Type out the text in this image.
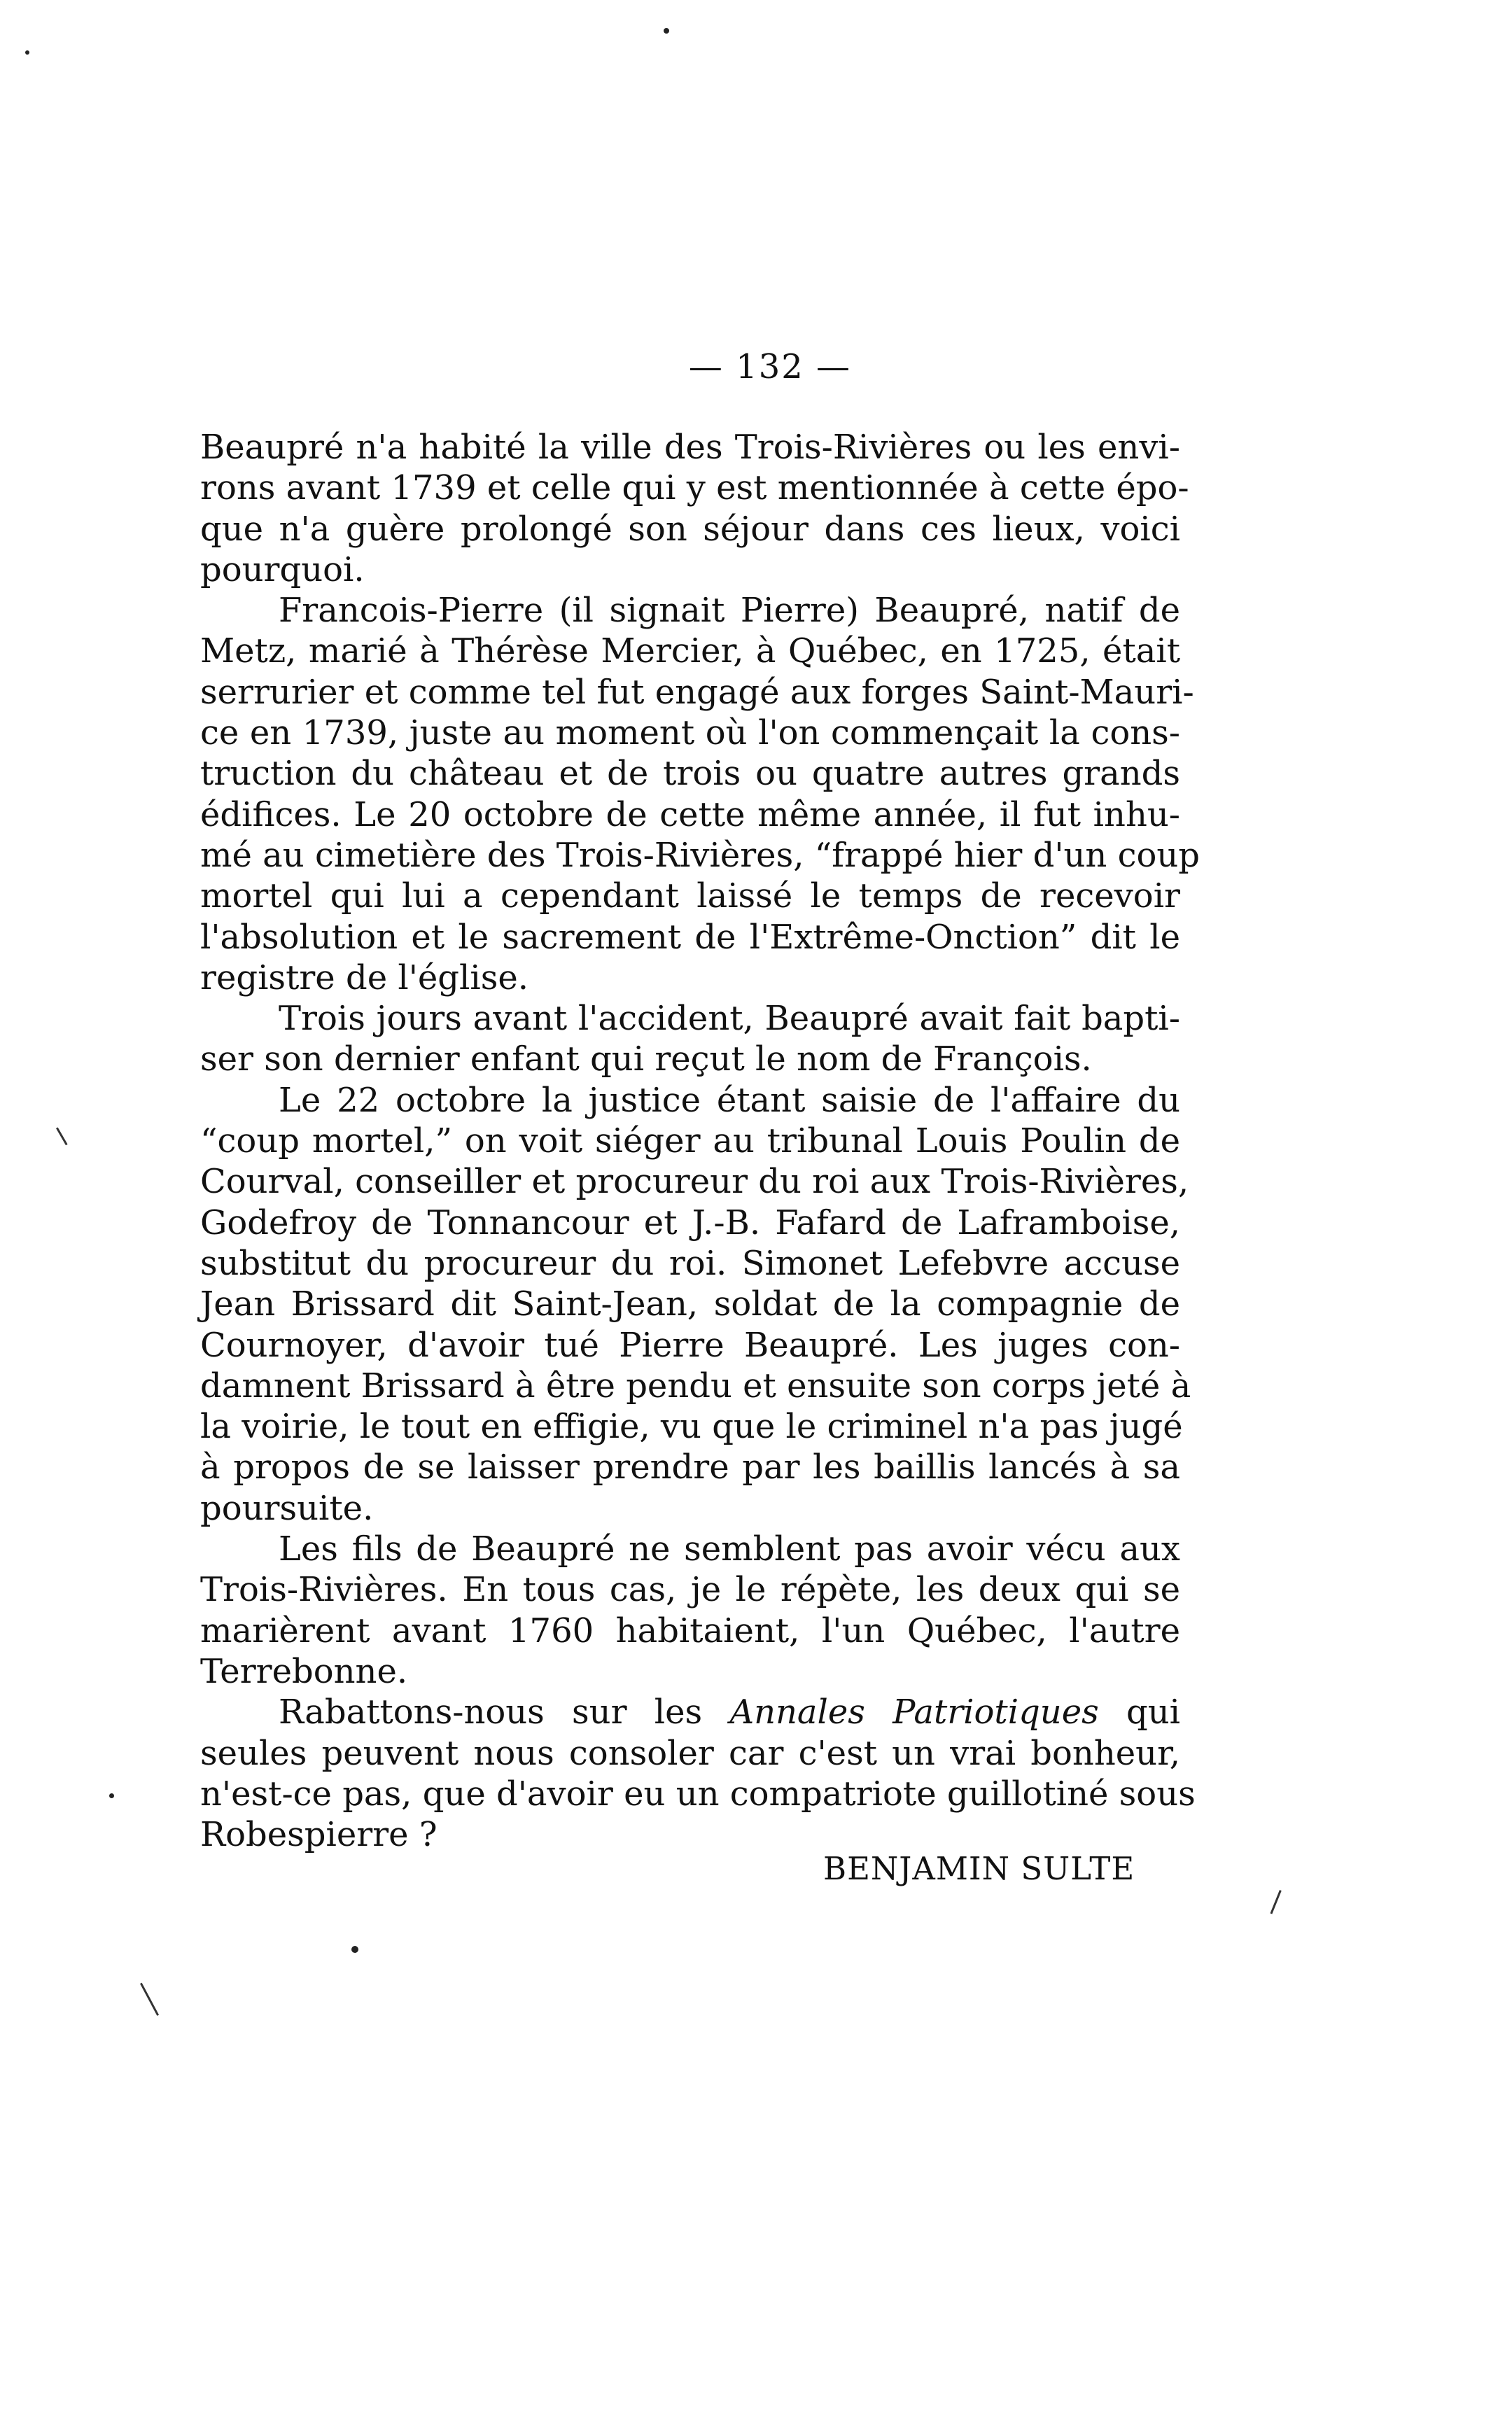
— 132 —
Beaupré n'a habité la ville des Trois-Rivières ou les envi-
rons avant 1739 et celle qui y est mentionnée à cette épo-
que n'a guère prolongé son séjour dans ces lieux, voici
pourquoi.
Francois-Pierre (il signait Pierre) Beaupré, natif de
Metz, marié à Thérèse Mercier, à Québec, en 1725, était
serrurier et comme tel fut engagé aux forges Saint-Mauri-
ce en 1739, juste au moment où l'on commençait la cons-
truction du château et de trois ou quatre autres grands
édifices. Le 20 octobre de cette même année, il fut inhu-
mé au cimetière des Trois-Rivières, “frappé hier d'un coup
mortel qui lui a cependant laissé le temps de recevoir
l'absolution et le sacrement de l'Extrême-Onction” dit le
registre de l'église.
Trois jours avant l'accident, Beaupré avait fait bapti-
ser son dernier enfant qui reçut le nom de François.
Le 22 octobre la justice étant saisie de l'affaire du
“coup mortel,” on voit siéger au tribunal Louis Poulin de
Courval, conseiller et procureur du roi aux Trois-Rivières,
Godefroy de Tonnancour et J.-B. Fafard de Laframboise,
substitut du procureur du roi. Simonet Lefebvre accuse
Jean Brissard dit Saint-Jean, soldat de la compagnie de
Cournoyer, d'avoir tué Pierre Beaupré. Les juges con-
damnent Brissard à être pendu et ensuite son corps jeté à
la voirie, le tout en effigie, vu que le criminel n'a pas jugé
à propos de se laisser prendre par les baillis lancés à sa
poursuite.
Les fils de Beaupré ne semblent pas avoir vécu aux
Trois-Rivières. En tous cas, je le répète, les deux qui se
marièrent avant 1760 habitaient, l'un Québec, l'autre
Terrebonne.
Rabattons-nous sur les Annales Patriotiques qui
seules peuvent nous consoler car c'est un vrai bonheur,
n'est-ce pas, que d'avoir eu un compatriote guillotiné sous
Robespierre ?
BENJAMIN SULTE
